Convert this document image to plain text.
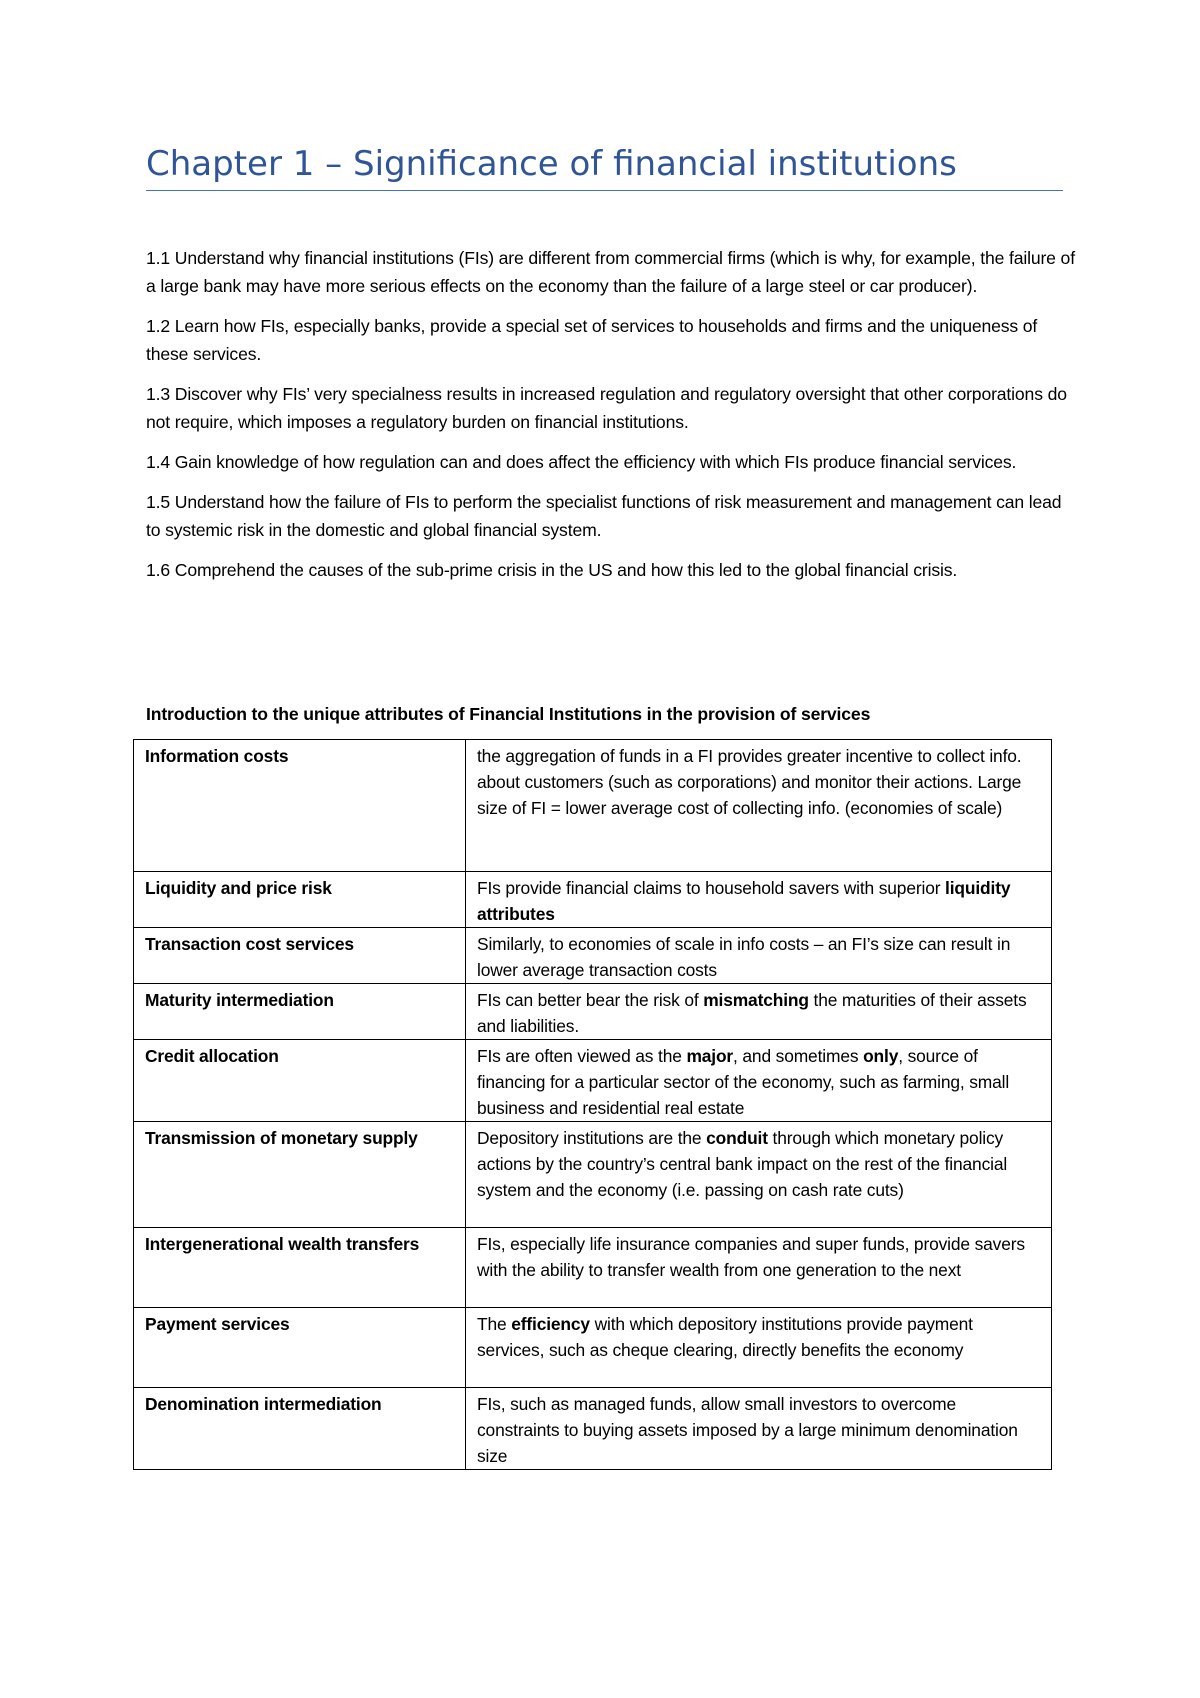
Chapter 1 – Significance of financial institutions

1.1 Understand why financial institutions (FIs) are different from commercial firms (which is why, for example, the failure of a large bank may have more serious effects on the economy than the failure of a large steel or car producer).

1.2 Learn how FIs, especially banks, provide a special set of services to households and firms and the uniqueness of these services.

1.3 Discover why FIs’ very specialness results in increased regulation and regulatory oversight that other corporations do not require, which imposes a regulatory burden on financial institutions.

1.4 Gain knowledge of how regulation can and does affect the efficiency with which FIs produce financial services.

1.5 Understand how the failure of FIs to perform the specialist functions of risk measurement and management can lead to systemic risk in the domestic and global financial system.

1.6 Comprehend the causes of the sub-prime crisis in the US and how this led to the global financial crisis.

Introduction to the unique attributes of Financial Institutions in the provision of services
Information costs	the aggregation of funds in a FI provides greater incentive to collect info. about customers (such as corporations) and monitor their actions. Large size of FI = lower average cost of collecting info. (economies of scale)
Liquidity and price risk	FIs provide financial claims to household savers with superior liquidity attributes
Transaction cost services	Similarly, to economies of scale in info costs – an FI’s size can result in lower average transaction costs
Maturity intermediation	FIs can better bear the risk of mismatching the maturities of their assets and liabilities.
Credit allocation	FIs are often viewed as the major, and sometimes only, source of financing for a particular sector of the economy, such as farming, small business and residential real estate
Transmission of monetary supply	Depository institutions are the conduit through which monetary policy actions by the country’s central bank impact on the rest of the financial system and the economy (i.e. passing on cash rate cuts)
Intergenerational wealth transfers	FIs, especially life insurance companies and super funds, provide savers with the ability to transfer wealth from one generation to the next
Payment services	The efficiency with which depository institutions provide payment services, such as cheque clearing, directly benefits the economy
Denomination intermediation	FIs, such as managed funds, allow small investors to overcome constraints to buying assets imposed by a large minimum denomination size
